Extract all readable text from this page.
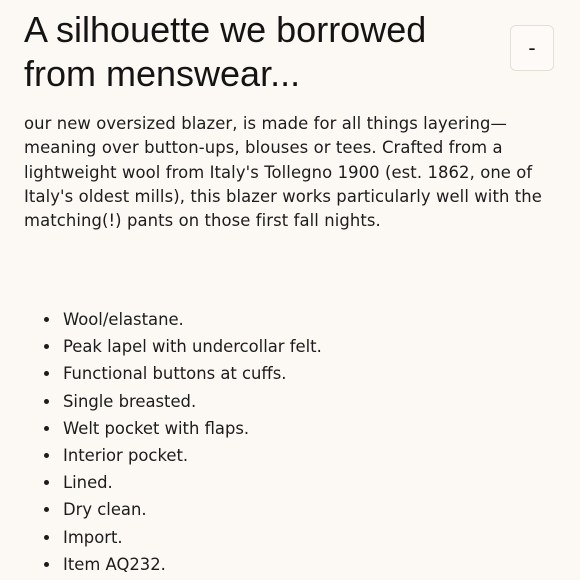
A silhouette we borrowed from menswear...
-

our new oversized blazer, is made for all things layering—meaning over button-ups, blouses or tees. Crafted from a lightweight wool from Italy's Tollegno 1900 (est. 1862, one of Italy's oldest mills), this blazer works particularly well with the matching(!) pants on those first fall nights.

Wool/elastane.
Peak lapel with undercollar felt.
Functional buttons at cuffs.
Single breasted.
Welt pocket with flaps.
Interior pocket.
Lined.
Dry clean.
Import.
Item AQ232.
